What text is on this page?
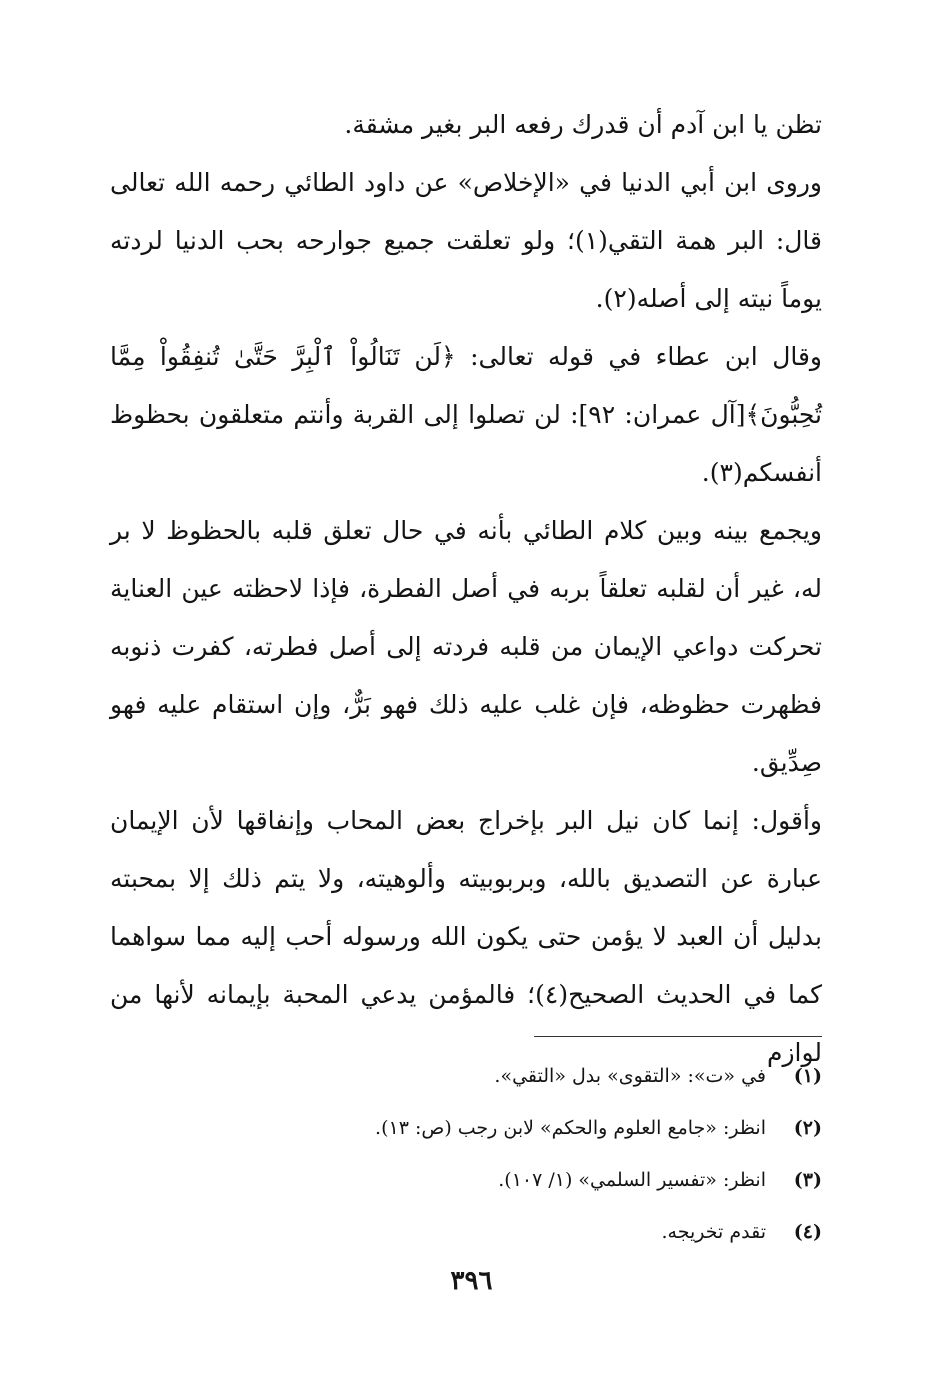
تظن يا ابن آدم أن قدرك رفعه البر بغير مشقة.

وروى ابن أبي الدنيا في «الإخلاص» عن داود الطائي رحمه الله تعالى قال: البر همة التقي(١)؛ ولو تعلقت جميع جوارحه بحب الدنيا لردته يوماً نيته إلى أصله(٢).

وقال ابن عطاء في قوله تعالى: ﴿لَن تَنَالُواْ ٱلْبِرَّ حَتَّىٰ تُنفِقُواْ مِمَّا تُحِبُّونَ﴾[آل عمران: ٩٢]: لن تصلوا إلى القربة وأنتم متعلقون بحظوظ أنفسكم(٣).

ويجمع بينه وبين كلام الطائي بأنه في حال تعلق قلبه بالحظوظ لا بر له، غير أن لقلبه تعلقاً بربه في أصل الفطرة، فإذا لاحظته عين العناية تحركت دواعي الإيمان من قلبه فردته إلى أصل فطرته، كفرت ذنوبه فظهرت حظوظه، فإن غلب عليه ذلك فهو بَرٌّ، وإن استقام عليه فهو صِدِّيق.

وأقول: إنما كان نيل البر بإخراج بعض المحاب وإنفاقها لأن الإيمان عبارة عن التصديق بالله، وبربوبيته وألوهيته، ولا يتم ذلك إلا بمحبته بدليل أن العبد لا يؤمن حتى يكون الله ورسوله أحب إليه مما سواهما كما في الحديث الصحيح(٤)؛ فالمؤمن يدعي المحبة بإيمانه لأنها من لوازم

(١)
في «ت»: «التقوى» بدل «التقي».
(٢)
انظر: «جامع العلوم والحكم» لابن رجب (ص: ١٣).
(٣)
انظر: «تفسير السلمي» (١/ ١٠٧).
(٤)
تقدم تخريجه.
٣٩٦
